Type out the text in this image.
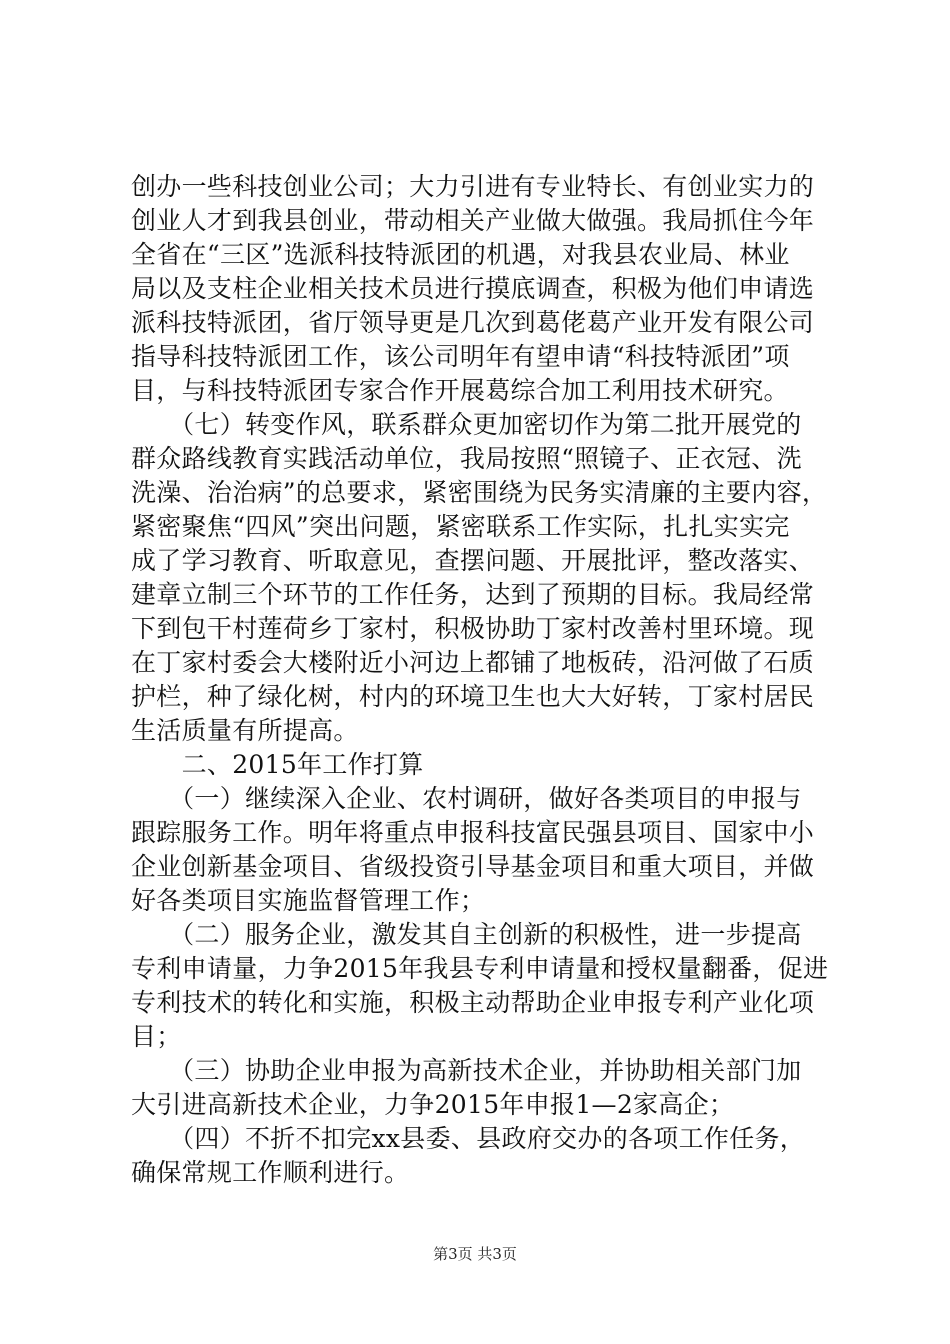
创办一些科技创业公司；大力引进有专业特长、有创业实力的
创业人才到我县创业，带动相关产业做大做强。我局抓住今年
全省在“三区”选派科技特派团的机遇，对我县农业局、林业
局以及支柱企业相关技术员进行摸底调查，积极为他们申请选
派科技特派团，省厅领导更是几次到葛佬葛产业开发有限公司
指导科技特派团工作，该公司明年有望申请“科技特派团”项
目，与科技特派团专家合作开展葛综合加工利用技术研究。
　　（七）转变作风，联系群众更加密切作为第二批开展党的
群众路线教育实践活动单位，我局按照“照镜子、正衣冠、洗
洗澡、治治病”的总要求，紧密围绕为民务实清廉的主要内容，
紧密聚焦“四风”突出问题，紧密联系工作实际，扎扎实实完
成了学习教育、听取意见，查摆问题、开展批评，整改落实、
建章立制三个环节的工作任务，达到了预期的目标。我局经常
下到包干村莲荷乡丁家村，积极协助丁家村改善村里环境。现
在丁家村委会大楼附近小河边上都铺了地板砖，沿河做了石质
护栏，种了绿化树，村内的环境卫生也大大好转，丁家村居民
生活质量有所提高。
　　二、2015年工作打算
　　（一）继续深入企业、农村调研，做好各类项目的申报与
跟踪服务工作。明年将重点申报科技富民强县项目、国家中小
企业创新基金项目、省级投资引导基金项目和重大项目，并做
好各类项目实施监督管理工作；
　　（二）服务企业，激发其自主创新的积极性，进一步提高
专利申请量，力争2015年我县专利申请量和授权量翻番，促进
专利技术的转化和实施，积极主动帮助企业申报专利产业化项
目；
　　（三）协助企业申报为高新技术企业，并协助相关部门加
大引进高新技术企业，力争2015年申报1—2家高企；
　　（四）不折不扣完xx县委、县政府交办的各项工作任务，
确保常规工作顺利进行。
第3页 共3页
